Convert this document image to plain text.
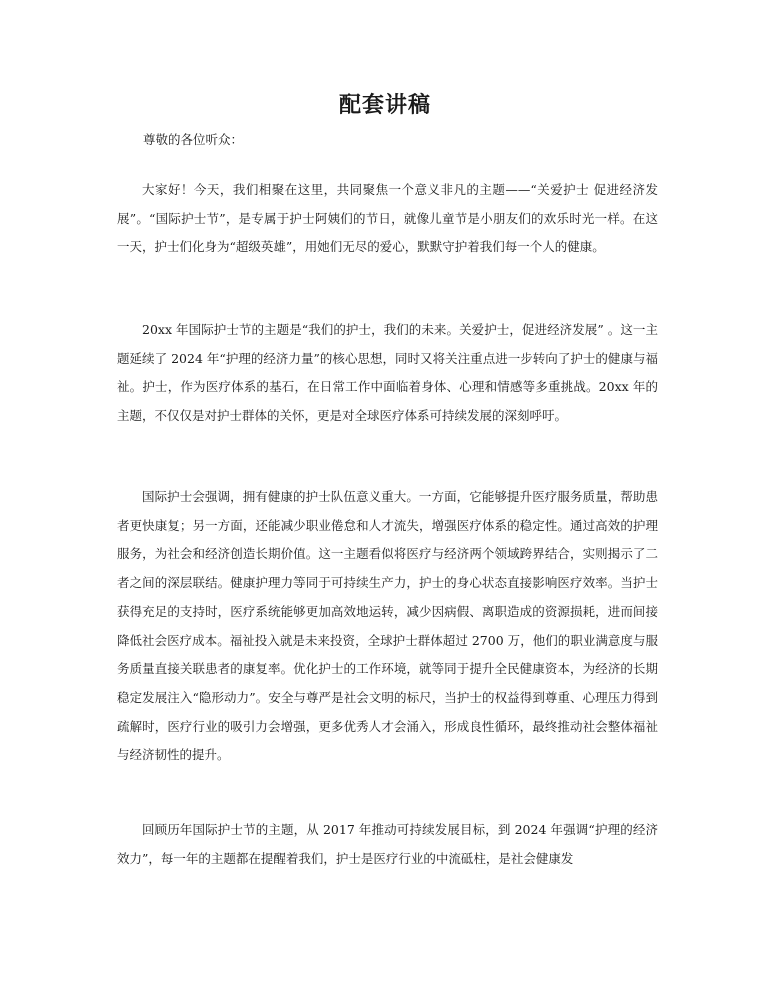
配套讲稿

尊敬的各位听众：

大家好！今天，我们相聚在这里，共同聚焦一个意义非凡的主题——“关爱护士 促进经济发展”。“国际护士节”，是专属于护士阿姨们的节日，就像儿童节是小朋友们的欢乐时光一样。在这一天，护士们化身为“超级英雄”，用她们无尽的爱心，默默守护着我们每一个人的健康。

20xx 年国际护士节的主题是“我们的护士，我们的未来。关爱护士，促进经济发展” 。这一主题延续了 2024 年“护理的经济力量”的核心思想，同时又将关注重点进一步转向了护士的健康与福祉。护士，作为医疗体系的基石，在日常工作中面临着身体、心理和情感等多重挑战。20xx 年的主题，不仅仅是对护士群体的关怀，更是对全球医疗体系可持续发展的深刻呼吁。

国际护士会强调，拥有健康的护士队伍意义重大。一方面，它能够提升医疗服务质量，帮助患者更快康复；另一方面，还能减少职业倦怠和人才流失，增强医疗体系的稳定性。通过高效的护理服务，为社会和经济创造长期价值。这一主题看似将医疗与经济两个领域跨界结合，实则揭示了二者之间的深层联结。健康护理力等同于可持续生产力，护士的身心状态直接影响医疗效率。当护士获得充足的支持时，医疗系统能够更加高效地运转，减少因病假、离职造成的资源损耗，进而间接降低社会医疗成本。福祉投入就是未来投资，全球护士群体超过 2700 万，他们的职业满意度与服务质量直接关联患者的康复率。优化护士的工作环境，就等同于提升全民健康资本，为经济的长期稳定发展注入“隐形动力”。安全与尊严是社会文明的标尺，当护士的权益得到尊重、心理压力得到疏解时，医疗行业的吸引力会增强，更多优秀人才会涌入，形成良性循环，最终推动社会整体福祉与经济韧性的提升。

回顾历年国际护士节的主题，从 2017 年推动可持续发展目标，到 2024 年强调“护理的经济效力”，每一年的主题都在提醒着我们，护士是医疗行业的中流砥柱，是社会健康发
